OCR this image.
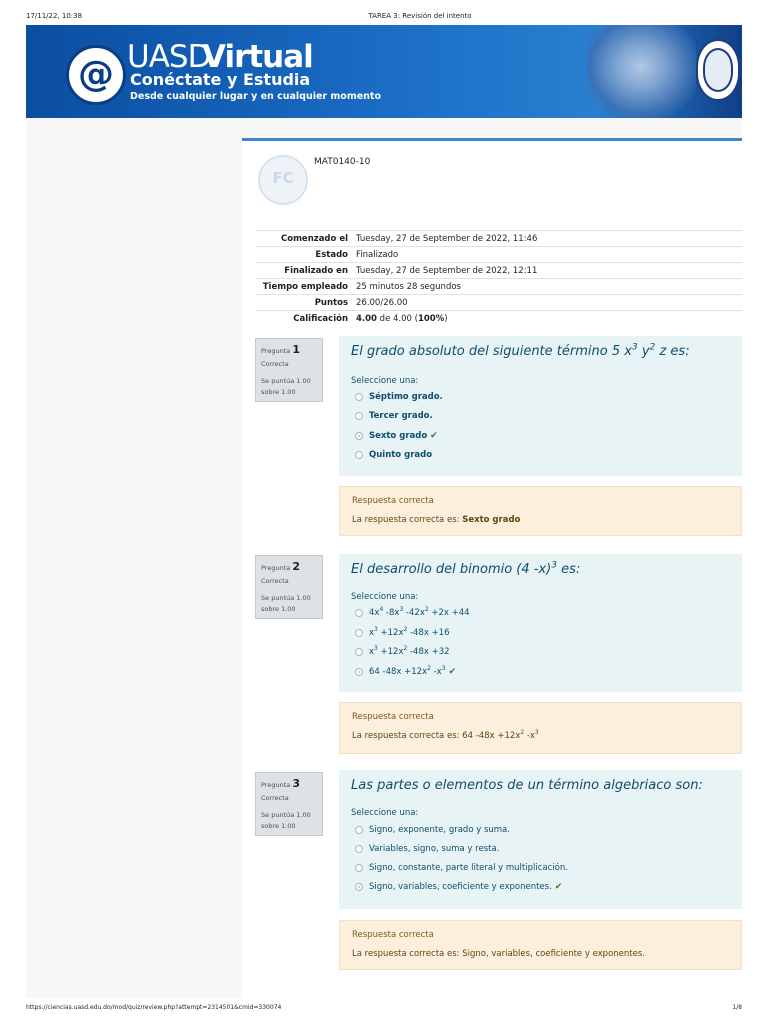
17/11/22, 10:38	TAREA 3: Revisión del intento
@ UASD
Virtual
Conéctate y Estudia
Desde cualquier lugar y en cualquier momento
FC
MAT0140-10
Comenzado el	Tuesday, 27 de September de 2022, 11:46
Estado	Finalizado
Finalizado en	Tuesday, 27 de September de 2022, 12:11
Tiempo empleado	25 minutos 28 segundos
Puntos	26.00/26.00
Calificación	4.00 de 4.00 (100%)
Pregunta 1
Correcta
Se puntúa 1.00 sobre 1.00
El grado absoluto del siguiente término 5 $x^3$ $y^2$ z es:
Seleccione una:
Séptimo grado.
Tercer grado.
Sexto grado ✔
Quinto grado
Respuesta correcta
La respuesta correcta es: Sexto grado
Pregunta 2
Correcta
Se puntúa 1.00 sobre 1.00
El desarrollo del binomio (4 -x)$^3$ es:
Seleccione una:
$4x^4$ $-8x^3$ $-42x^2 +2x +44$
$x^3 +12x^2$ -48x +16
$x^3 +12x^2$ -48x +32
64 $-48x +12x^2$ $-x^3$ ✔
Respuesta correcta
La respuesta correcta es: 64 $-48x +12x^2$ $-x^3$
Pregunta 3
Correcta
Se puntúa 1.00 sobre 1.00
Las partes o elementos de un término algebriaco son:
Seleccione una:
Signo, exponente, grado y suma.
Variables, signo, suma y resta.
Signo, constante, parte literal y multiplicación.
Signo, variables, coeficiente y exponentes. ✔
Respuesta correcta
La respuesta correcta es: Signo, variables, coeficiente y exponentes.
https://ciencias.uasd.edu.do/mod/quiz/review.php?attempt=2314501&cmid=330074	1/8
